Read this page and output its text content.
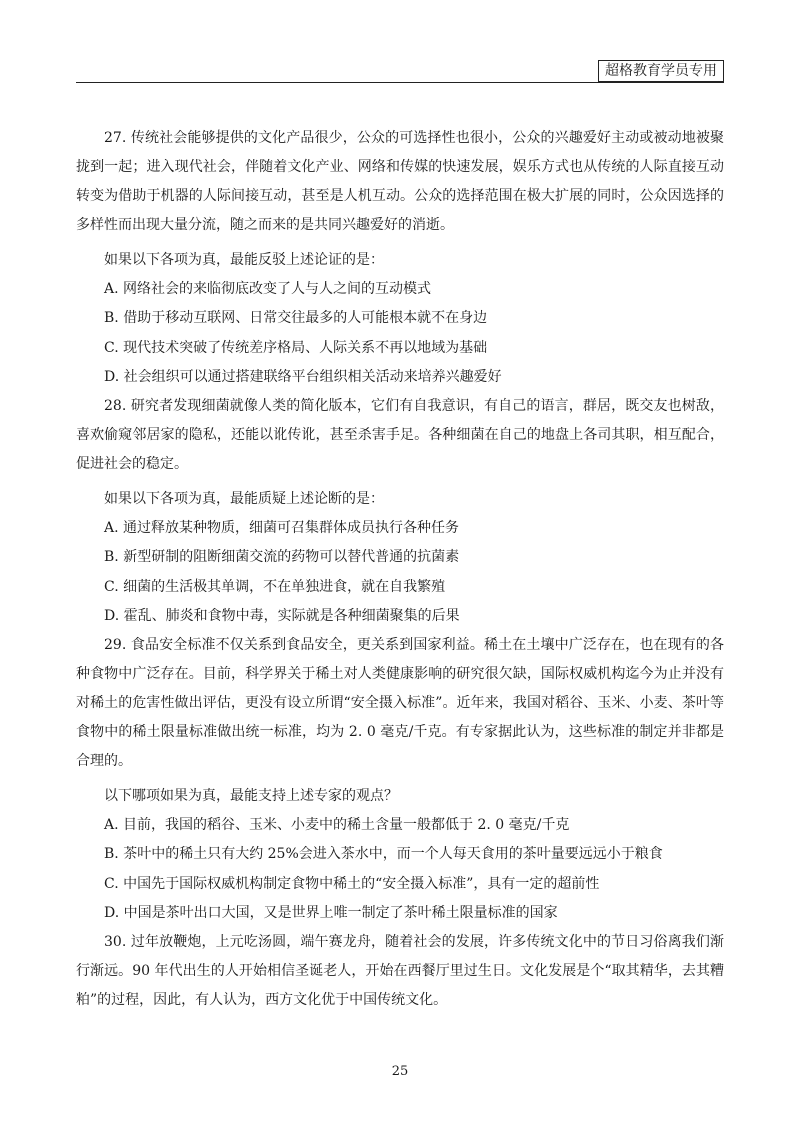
超格教育学员专用

27. 传统社会能够提供的文化产品很少，公众的可选择性也很小，公众的兴趣爱好主动或被动地被聚拢到一起；进入现代社会，伴随着文化产业、网络和传媒的快速发展，娱乐方式也从传统的人际直接互动转变为借助于机器的人际间接互动，甚至是人机互动。公众的选择范围在极大扩展的同时，公众因选择的多样性而出现大量分流，随之而来的是共同兴趣爱好的消逝。

如果以下各项为真，最能反驳上述论证的是：

A. 网络社会的来临彻底改变了人与人之间的互动模式

B. 借助于移动互联网、日常交往最多的人可能根本就不在身边

C. 现代技术突破了传统差序格局、人际关系不再以地域为基础

D. 社会组织可以通过搭建联络平台组织相关活动来培养兴趣爱好

28. 研究者发现细菌就像人类的简化版本，它们有自我意识，有自己的语言，群居，既交友也树敌，喜欢偷窥邻居家的隐私，还能以讹传讹，甚至杀害手足。各种细菌在自己的地盘上各司其职，相互配合，促进社会的稳定。

如果以下各项为真，最能质疑上述论断的是：

A. 通过释放某种物质，细菌可召集群体成员执行各种任务

B. 新型研制的阻断细菌交流的药物可以替代普通的抗菌素

C. 细菌的生活极其单调，不在单独进食，就在自我繁殖

D. 霍乱、肺炎和食物中毒，实际就是各种细菌聚集的后果

29. 食品安全标准不仅关系到食品安全，更关系到国家利益。稀土在土壤中广泛存在，也在现有的各种食物中广泛存在。目前，科学界关于稀土对人类健康影响的研究很欠缺，国际权威机构迄今为止并没有对稀土的危害性做出评估，更没有设立所谓“安全摄入标准”。近年来，我国对稻谷、玉米、小麦、茶叶等食物中的稀土限量标准做出统一标准，均为 2. 0 毫克/千克。有专家据此认为，这些标准的制定并非都是合理的。

以下哪项如果为真，最能支持上述专家的观点？

A. 目前，我国的稻谷、玉米、小麦中的稀土含量一般都低于 2. 0 毫克/千克

B. 茶叶中的稀土只有大约 25%会进入茶水中，而一个人每天食用的茶叶量要远远小于粮食

C. 中国先于国际权威机构制定食物中稀土的“安全摄入标准”，具有一定的超前性

D. 中国是茶叶出口大国，又是世界上唯一制定了茶叶稀土限量标准的国家

30. 过年放鞭炮，上元吃汤圆，端午赛龙舟，随着社会的发展，许多传统文化中的节日习俗离我们渐行渐远。90 年代出生的人开始相信圣诞老人，开始在西餐厅里过生日。文化发展是个“取其精华，去其糟粕”的过程，因此，有人认为，西方文化优于中国传统文化。

25
